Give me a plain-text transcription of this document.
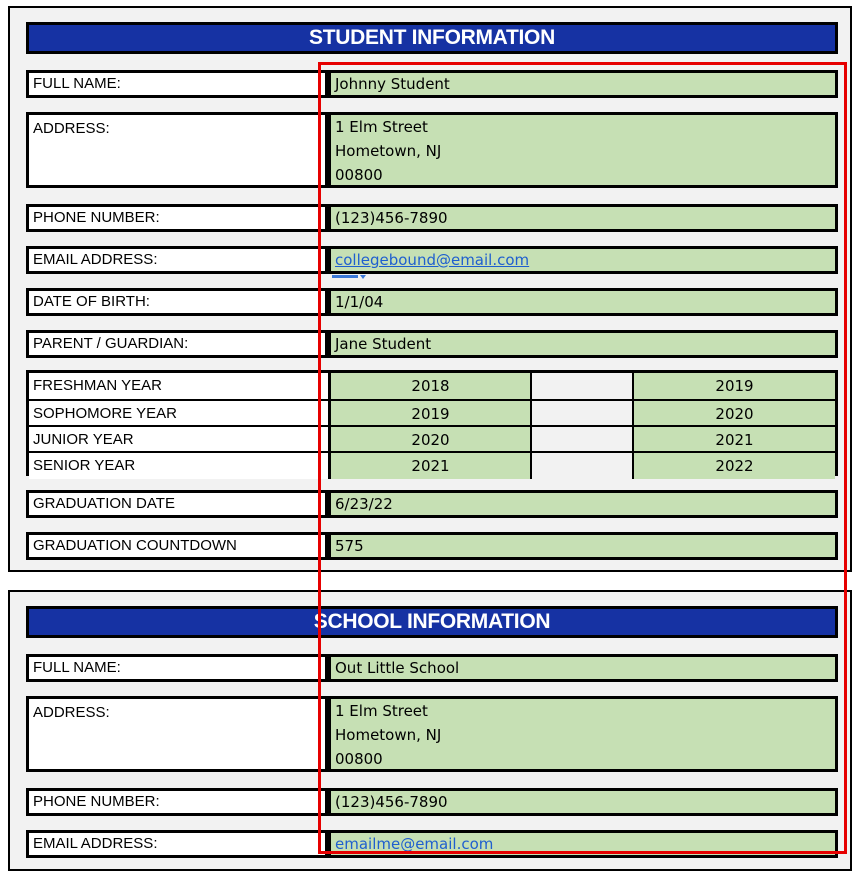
STUDENT INFORMATION
FULL NAME:	Johnny Student
ADDRESS:	1 Elm Street
Hometown, NJ
00800
PHONE NUMBER:	(123)456-7890
EMAIL ADDRESS:	collegebound@email.com
DATE OF BIRTH:	1/1/04
PARENT / GUARDIAN:	Jane Student
FRESHMAN YEAR	2018	2019
SOPHOMORE YEAR	2019	2020
JUNIOR YEAR	2020	2021
SENIOR YEAR	2021	2022
GRADUATION DATE	6/23/22
GRADUATION COUNTDOWN	575
SCHOOL INFORMATION
FULL NAME:	Out Little School
ADDRESS:	1 Elm Street
Hometown, NJ
00800
PHONE NUMBER:	(123)456-7890
EMAIL ADDRESS:	emailme@email.com
